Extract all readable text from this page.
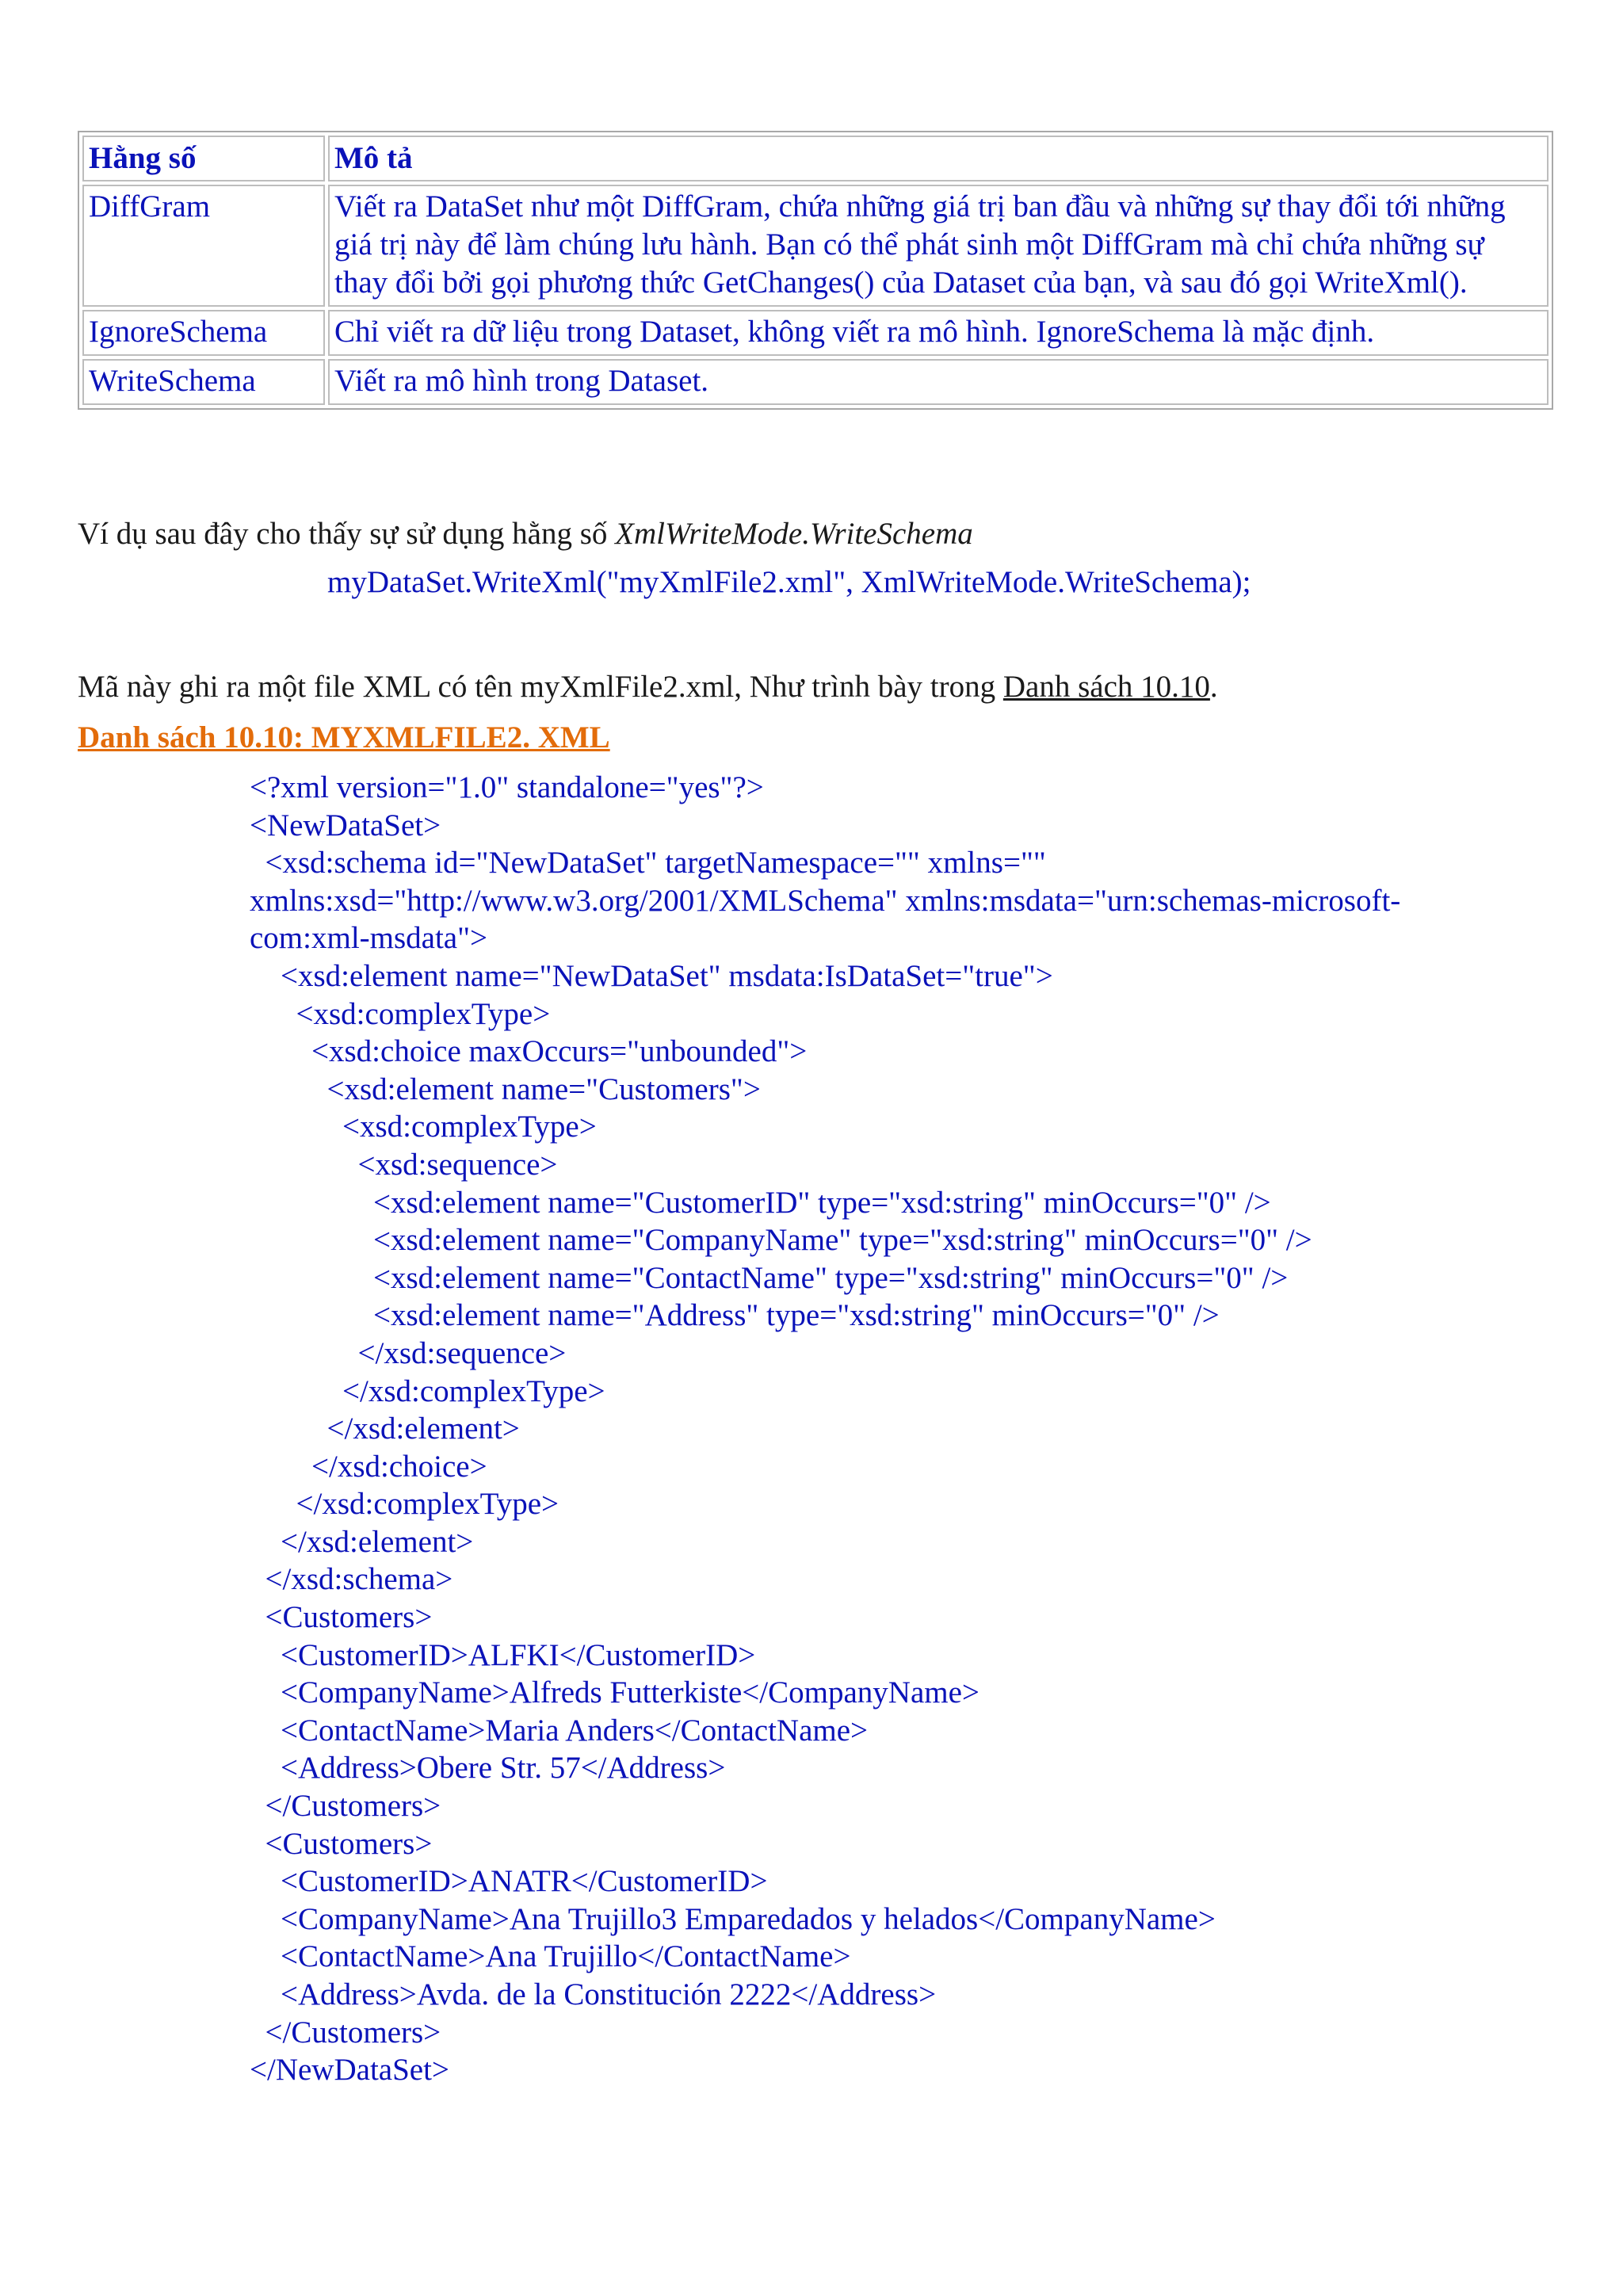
Hằng số	Mô tả
DiffGram	Viết ra DataSet như một DiffGram, chứa những giá trị ban đầu và những sự thay đổi tới những giá trị này để làm chúng lưu hành. Bạn có thể phát sinh một DiffGram mà chỉ chứa những sự thay đổi bởi gọi phương thức GetChanges() của Dataset của bạn, và sau đó gọi WriteXml().
IgnoreSchema	Chỉ viết ra dữ liệu trong Dataset, không viết ra mô hình. IgnoreSchema là mặc định.
WriteSchema	Viết ra mô hình trong Dataset.
Ví dụ sau đây cho thấy sự sử dụng hằng số XmlWriteMode.WriteSchema
myDataSet.WriteXml("myXmlFile2.xml", XmlWriteMode.WriteSchema);
Mã này ghi ra một file XML có tên myXmlFile2.xml, Như trình bày trong Danh sách 10.10.
Danh sách 10.10: MYXMLFILE2. XML
<?xml version="1.0" standalone="yes"?>
<NewDataSet>
<xsd:schema id="NewDataSet" targetNamespace="" xmlns=""
xmlns:xsd="http://www.w3.org/2001/XMLSchema" xmlns:msdata="urn:schemas-microsoft-
com:xml-msdata">
<xsd:element name="NewDataSet" msdata:IsDataSet="true">
<xsd:complexType>
<xsd:choice maxOccurs="unbounded">
<xsd:element name="Customers">
<xsd:complexType>
<xsd:sequence>
<xsd:element name="CustomerID" type="xsd:string" minOccurs="0" />
<xsd:element name="CompanyName" type="xsd:string" minOccurs="0" />
<xsd:element name="ContactName" type="xsd:string" minOccurs="0" />
<xsd:element name="Address" type="xsd:string" minOccurs="0" />
</xsd:sequence>
</xsd:complexType>
</xsd:element>
</xsd:choice>
</xsd:complexType>
</xsd:element>
</xsd:schema>
<Customers>
<CustomerID>ALFKI</CustomerID>
<CompanyName>Alfreds Futterkiste</CompanyName>
<ContactName>Maria Anders</ContactName>
<Address>Obere Str. 57</Address>
</Customers>
<Customers>
<CustomerID>ANATR</CustomerID>
<CompanyName>Ana Trujillo3 Emparedados y helados</CompanyName>
<ContactName>Ana Trujillo</ContactName>
<Address>Avda. de la Constitución 2222</Address>
</Customers>
</NewDataSet>
